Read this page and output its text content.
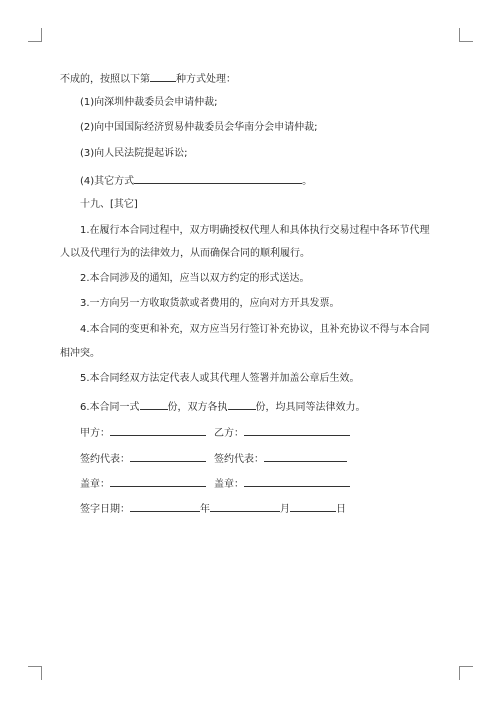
不成的，按照以下第	种方式处理：
(1)向深圳仲裁委员会申请仲裁;
(2)向中国国际经济贸易仲裁委员会华南分会申请仲裁;
(3)向人民法院提起诉讼;
(4)其它方式	。
十九、[其它]
1.在履行本合同过程中，双方明确授权代理人和具体执行交易过程中各环节代理
人以及代理行为的法律效力，从而确保合同的顺利履行。
2.本合同涉及的通知，应当以双方约定的形式送达。
3.一方向另一方收取货款或者费用的，应向对方开具发票。
4.本合同的变更和补充，双方应当另行签订补充协议，且补充协议不得与本合同
相冲突。
5.本合同经双方法定代表人或其代理人签署并加盖公章后生效。
6.本合同一式	份，双方各执	份，均具同等法律效力。
甲方：	乙方：
签约代表：	签约代表：
盖章：	盖章：
签字日期：	年	月	日
